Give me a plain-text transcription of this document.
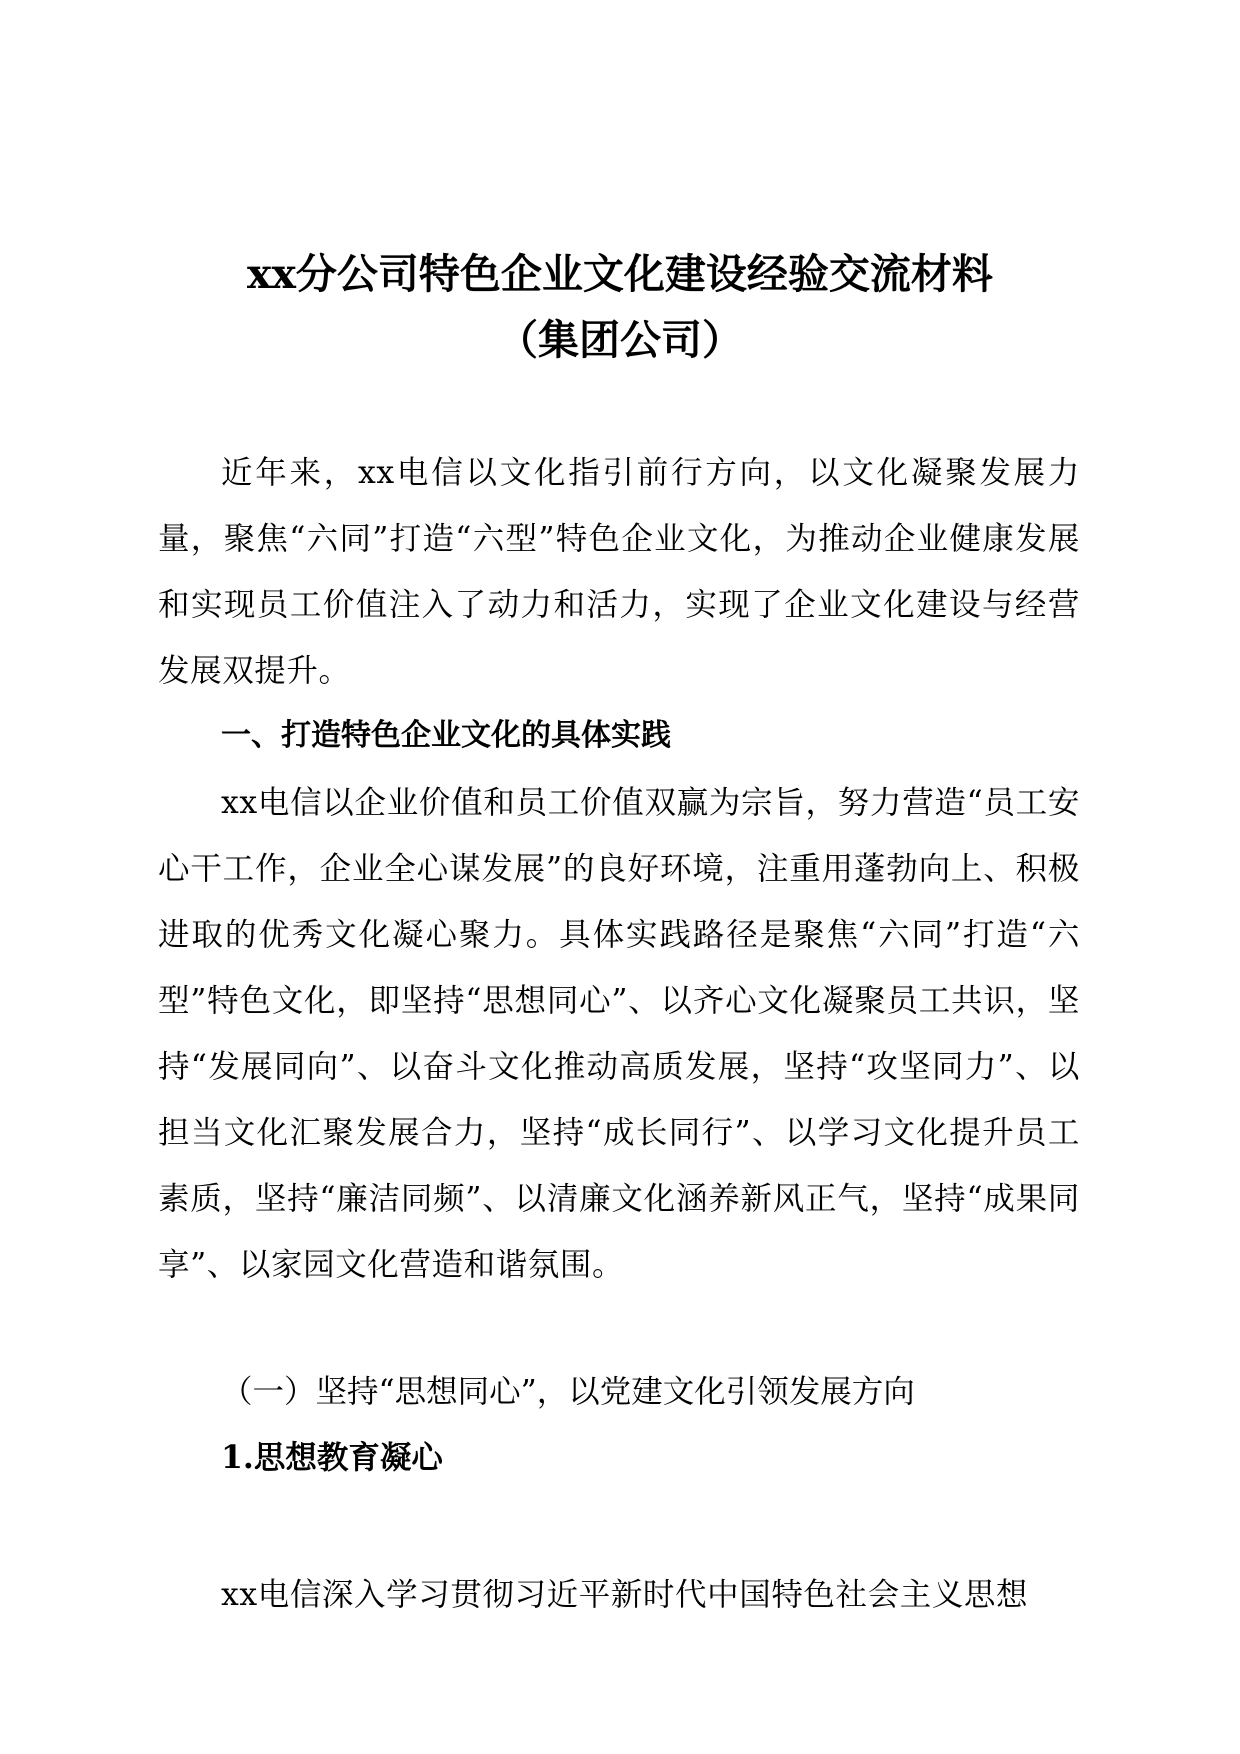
xx分公司特色企业文化建设经验交流材料
（集团公司）

近年来，xx电信以文化指引前行方向，以文化凝聚发展力量，聚焦“六同”打造“六型”特色企业文化，为推动企业健康发展和实现员工价值注入了动力和活力，实现了企业文化建设与经营发展双提升。

一、打造特色企业文化的具体实践

xx电信以企业价值和员工价值双赢为宗旨，努力营造“员工安心干工作，企业全心谋发展”的良好环境，注重用蓬勃向上、积极进取的优秀文化凝心聚力。具体实践路径是聚焦“六同”打造“六型”特色文化，即坚持“思想同心”、以齐心文化凝聚员工共识，坚持“发展同向”、以奋斗文化推动高质发展，坚持“攻坚同力”、以担当文化汇聚发展合力，坚持“成长同行”、以学习文化提升员工素质，坚持“廉洁同频”、以清廉文化涵养新风正气，坚持“成果同享”、以家园文化营造和谐氛围。

（一）坚持“思想同心”，以党建文化引领发展方向

1.思想教育凝心

xx电信深入学习贯彻习近平新时代中国特色社会主义思想
